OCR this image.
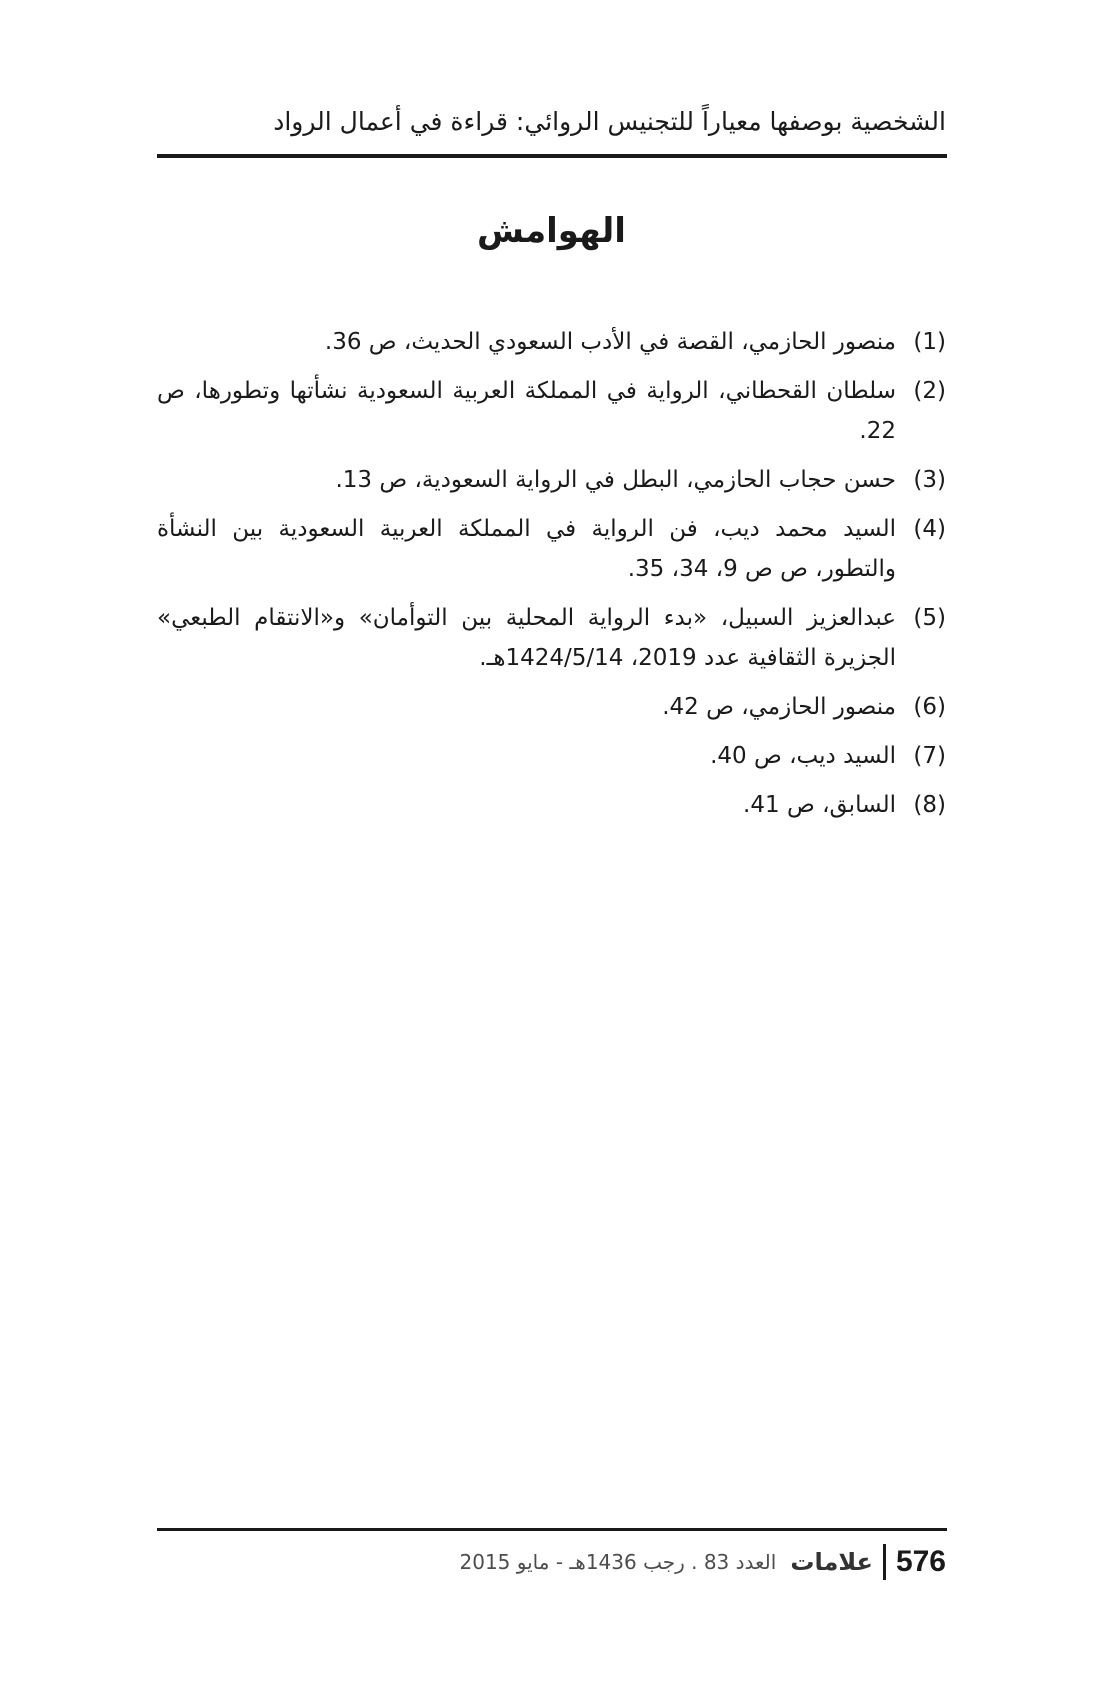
الشخصية بوصفها معياراً للتجنيس الروائي: قراءة في أعمال الرواد
الهوامش
(1)
منصور الحازمي، القصة في الأدب السعودي الحديث، ص 36.
(2)
سلطان القحطاني، الرواية في المملكة العربية السعودية نشأتها وتطورها، ص 22.
(3)
حسن حجاب الحازمي، البطل في الرواية السعودية، ص 13.
(4)
السيد محمد ديب، فن الرواية في المملكة العربية السعودية بين النشأة والتطور، ص ص 9، 34، 35.
(5)
عبدالعزيز السبيل، «بدء الرواية المحلية بين التوأمان» و«الانتقام الطبعي» الجزيرة الثقافية عدد 2019، 1424/5/14هـ.
(6)
منصور الحازمي، ص 42.
(7)
السيد ديب، ص 40.
(8)
السابق، ص 41.
576
علامات
العدد 83 . رجب 1436هـ - مايو 2015
